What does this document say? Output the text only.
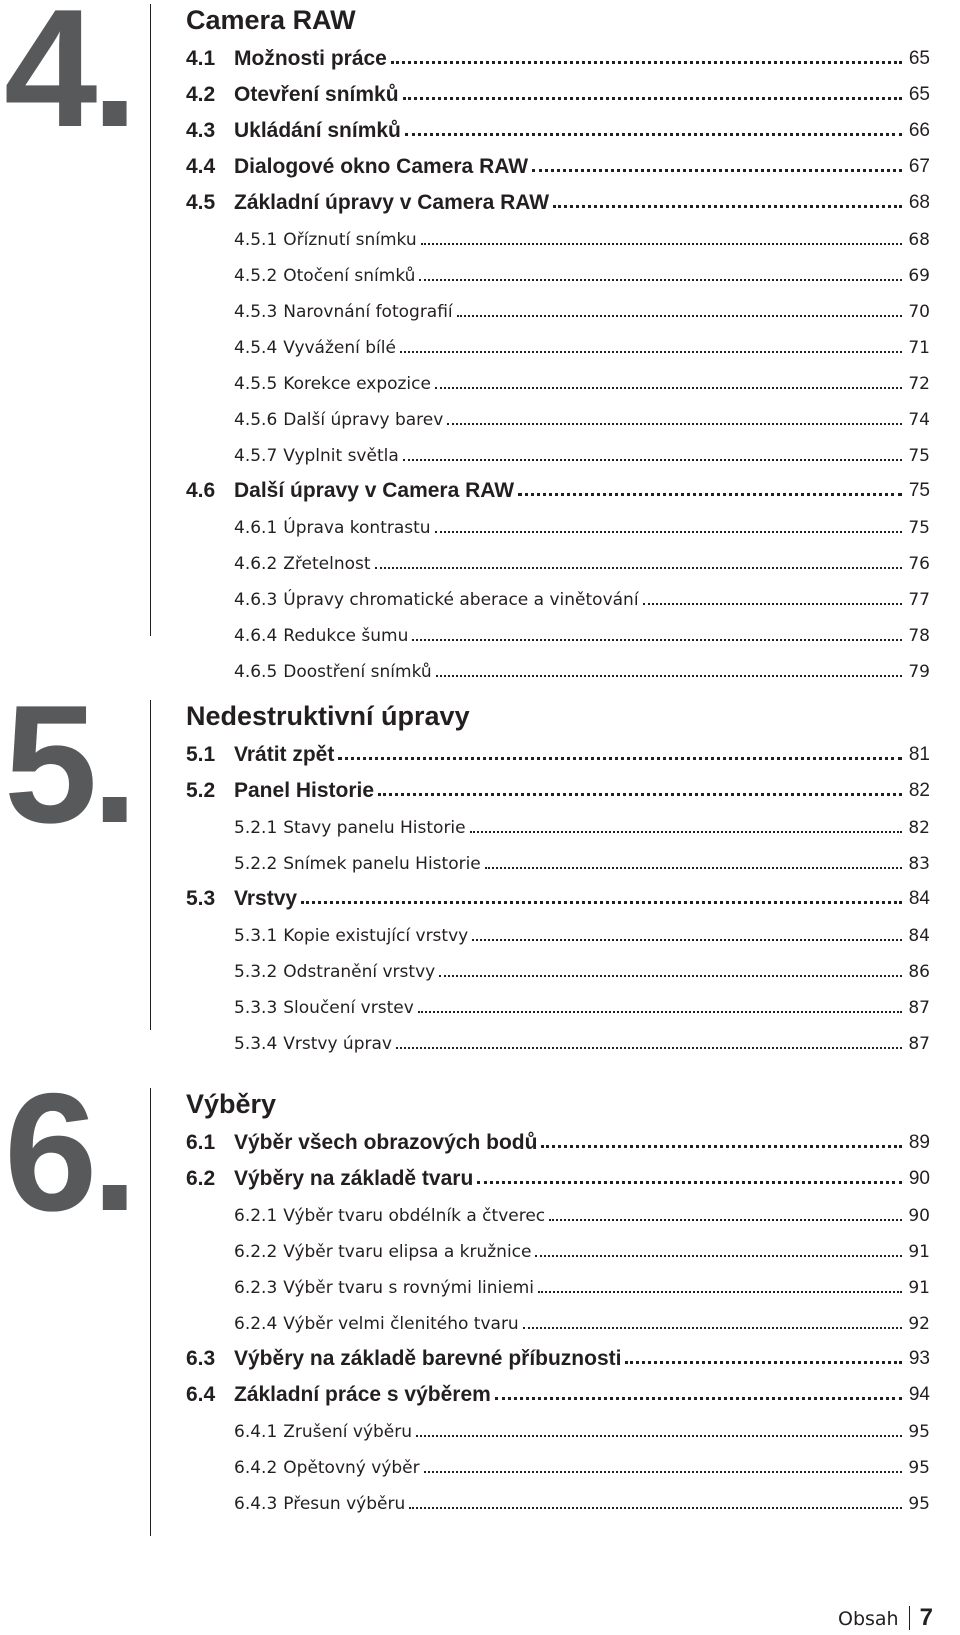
4. Camera RAW
4.1 Možnosti práce	65
4.2 Otevření snímků	65
4.3 Ukládání snímků	66
4.4 Dialogové okno Camera RAW	67
4.5 Základní úpravy v Camera RAW	68
4.5.1 Oříznutí snímku	68
4.5.2 Otočení snímků	69
4.5.3 Narovnání fotografií	70
4.5.4 Vyvážení bílé	71
4.5.5 Korekce expozice	72
4.5.6 Další úpravy barev	74
4.5.7 Vyplnit světla	75
4.6 Další úpravy v Camera RAW	75
4.6.1 Úprava kontrastu	75
4.6.2 Zřetelnost	76
4.6.3 Úpravy chromatické aberace a vinětování	77
4.6.4 Redukce šumu	78
4.6.5 Doostření snímků	79
5. Nedestruktivní úpravy
5.1 Vrátit zpět	81
5.2 Panel Historie	82
5.2.1 Stavy panelu Historie	82
5.2.2 Snímek panelu Historie	83
5.3 Vrstvy	84
5.3.1 Kopie existující vrstvy	84
5.3.2 Odstranění vrstvy	86
5.3.3 Sloučení vrstev	87
5.3.4 Vrstvy úprav	87
6. Výběry
6.1 Výběr všech obrazových bodů	89
6.2 Výběry na základě tvaru	90
6.2.1 Výběr tvaru obdélník a čtverec	90
6.2.2 Výběr tvaru elipsa a kružnice	91
6.2.3 Výběr tvaru s rovnými liniemi	91
6.2.4 Výběr velmi členitého tvaru	92
6.3 Výběry na základě barevné příbuznosti	93
6.4 Základní práce s výběrem	94
6.4.1 Zrušení výběru	95
6.4.2 Opětovný výběr	95
6.4.3 Přesun výběru	95
Obsah 7
